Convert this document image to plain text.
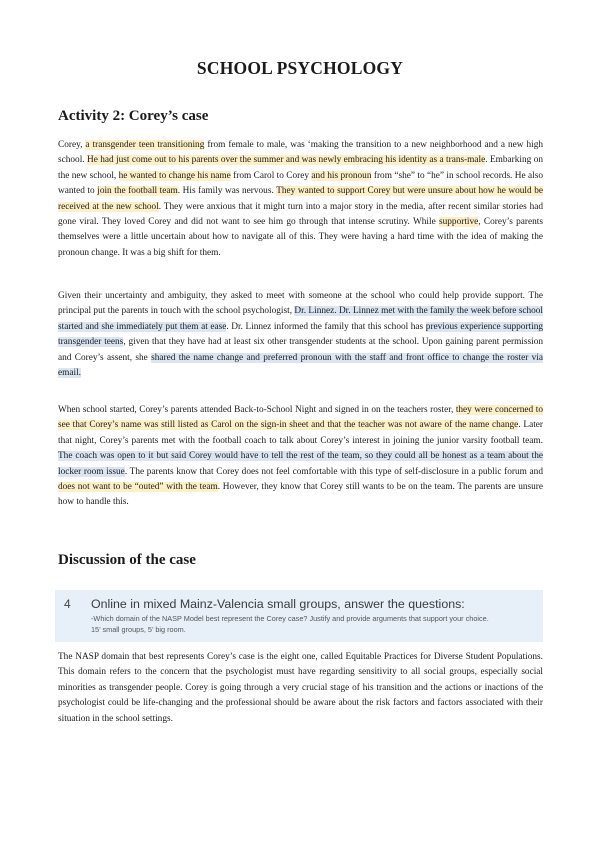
SCHOOL PSYCHOLOGY
Activity 2: Corey’s case
Corey, a transgender teen transitioning from female to male, was ‘making the transition to a new neighborhood and a new high school. He had just come out to his parents over the summer and was newly embracing his identity as a trans-male. Embarking on the new school, he wanted to change his name from Carol to Corey and his pronoun from “she” to “he” in school records. He also wanted to join the football team. His family was nervous. They wanted to support Corey but were unsure about how he would be received at the new school. They were anxious that it might turn into a major story in the media, after recent similar stories had gone viral. They loved Corey and did not want to see him go through that intense scrutiny. While supportive, Corey’s parents themselves were a little uncertain about how to navigate all of this. They were having a hard time with the idea of making the pronoun change. It was a big shift for them.
Given their uncertainty and ambiguity, they asked to meet with someone at the school who could help provide support. The principal put the parents in touch with the school psychologist, Dr. Linnez. Dr. Linnez met with the family the week before school started and she immediately put them at ease. Dr. Linnez informed the family that this school has previous experience supporting transgender teens, given that they have had at least six other transgender students at the school. Upon gaining parent permission and Corey’s assent, she shared the name change and preferred pronoun with the staff and front office to change the roster via email.
When school started, Corey’s parents attended Back-to-School Night and signed in on the teachers roster, they were concerned to see that Corey’s name was still listed as Carol on the sign-in sheet and that the teacher was not aware of the name change. Later that night, Corey’s parents met with the football coach to talk about Corey’s interest in joining the junior varsity football team. The coach was open to it but said Corey would have to tell the rest of the team, so they could all be honest as a team about the locker room issue. The parents know that Corey does not feel comfortable with this type of self-disclosure in a public forum and does not want to be “outed” with the team. However, they know that Corey still wants to be on the team. The parents are unsure how to handle this.
Discussion of the case
4 Online in mixed Mainz-Valencia small groups, answer the questions:
-Which domain of the NASP Model best represent the Corey case? Justify and provide arguments that support your choice.
15’ small groups, 5’ big room.
The NASP domain that best represents Corey’s case is the eight one, called Equitable Practices for Diverse Student Populations. This domain refers to the concern that the psychologist must have regarding sensitivity to all social groups, especially social minorities as transgender people. Corey is going through a very crucial stage of his transition and the actions or inactions of the psychologist could be life-changing and the professional should be aware about the risk factors and factors associated with their situation in the school settings.
